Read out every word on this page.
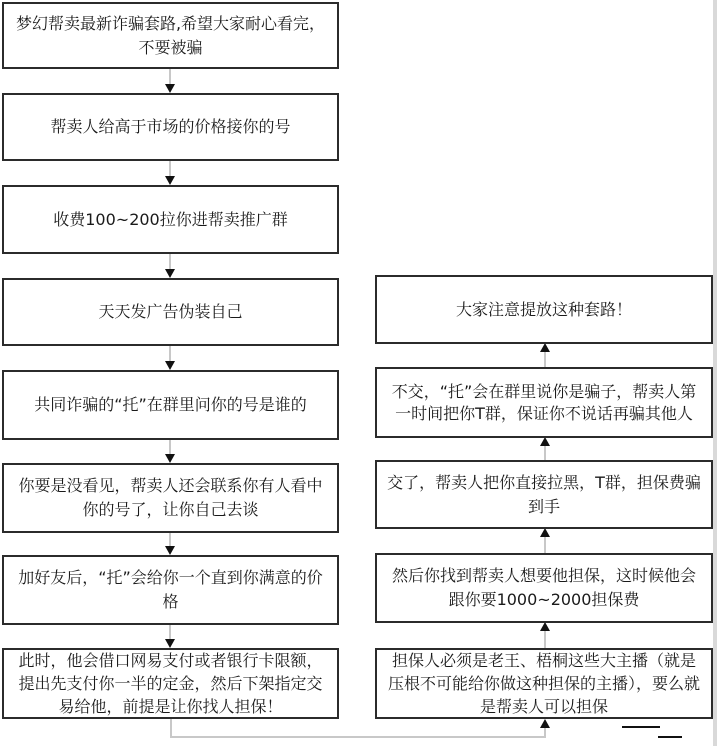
梦幻帮卖最新诈骗套路,希望大家耐心看完，不要被骗
帮卖人给高于市场的价格接你的号
收费100~200拉你进帮卖推广群
天天发广告伪装自己
共同诈骗的“托”在群里问你的号是谁的
你要是没看见，帮卖人还会联系你有人看中你的号了，让你自己去谈
加好友后，“托”会给你一个直到你满意的价格
此时，他会借口网易支付或者银行卡限额，提出先支付你一半的定金，然后下架指定交易给他，前提是让你找人担保！
大家注意提放这种套路！
不交，“托”会在群里说你是骗子，帮卖人第一时间把你T群，保证你不说话再骗其他人
交了，帮卖人把你直接拉黑，T群，担保费骗到手
然后你找到帮卖人想要他担保，这时候他会跟你要1000~2000担保费
担保人必须是老王、梧桐这些大主播（就是压根不可能给你做这种担保的主播），要么就是帮卖人可以担保
